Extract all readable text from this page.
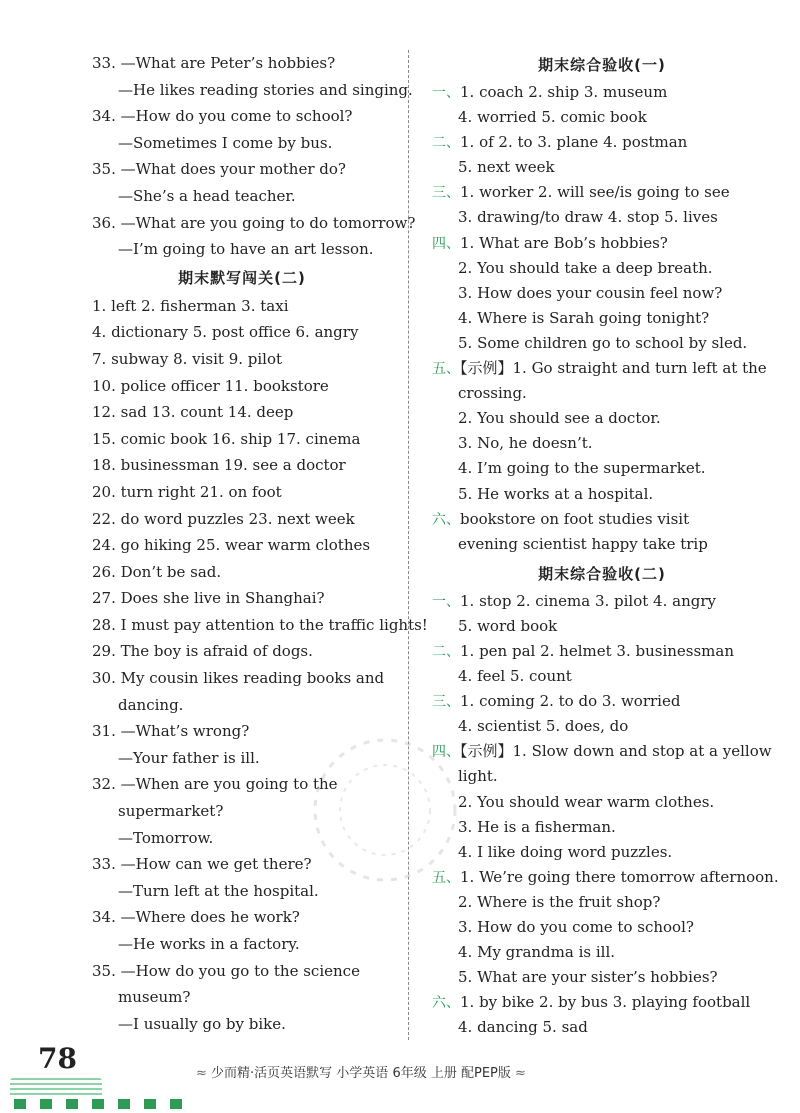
33. —What are Peter’s hobbies?
—He likes reading stories and singing.
34. —How do you come to school?
—Sometimes I come by bus.
35. —What does your mother do?
—She’s a head teacher.
36. —What are you going to do tomorrow?
—I’m going to have an art lesson.
期末默写闯关(二)
1. left 2. fisherman 3. taxi
4. dictionary 5. post office 6. angry
7. subway 8. visit 9. pilot
10. police officer 11. bookstore
12. sad 13. count 14. deep
15. comic book 16. ship 17. cinema
18. businessman 19. see a doctor
20. turn right 21. on foot
22. do word puzzles 23. next week
24. go hiking 25. wear warm clothes
26. Don’t be sad.
27. Does she live in Shanghai?
28. I must pay attention to the traffic lights!
29. The boy is afraid of dogs.
30. My cousin likes reading books and
dancing.
31. —What’s wrong?
—Your father is ill.
32. —When are you going to the
supermarket?
—Tomorrow.
33. —How can we get there?
—Turn left at the hospital.
34. —Where does he work?
—He works in a factory.
35. —How do you go to the science
museum?
—I usually go by bike.
期末综合验收(一)
一、1. coach 2. ship 3. museum
4. worried 5. comic book
二、1. of 2. to 3. plane 4. postman
5. next week
三、1. worker 2. will see/is going to see
3. drawing/to draw 4. stop 5. lives
四、1. What are Bob’s hobbies?
2. You should take a deep breath.
3. How does your cousin feel now?
4. Where is Sarah going tonight?
5. Some children go to school by sled.
五、【示例】1. Go straight and turn left at the
crossing.
2. You should see a doctor.
3. No, he doesn’t.
4. I’m going to the supermarket.
5. He works at a hospital.
六、bookstore on foot studies visit
evening scientist happy take trip
期末综合验收(二)
一、1. stop 2. cinema 3. pilot 4. angry
5. word book
二、1. pen pal 2. helmet 3. businessman
4. feel 5. count
三、1. coming 2. to do 3. worried
4. scientist 5. does, do
四、【示例】1. Slow down and stop at a yellow
light.
2. You should wear warm clothes.
3. He is a fisherman.
4. I like doing word puzzles.
五、1. We’re going there tomorrow afternoon.
2. Where is the fruit shop?
3. How do you come to school?
4. My grandma is ill.
5. What are your sister’s hobbies?
六、1. by bike 2. by bus 3. playing football
4. dancing 5. sad
78	≈ 少而精·活页英语默写 小学英语 6年级 上册 配PEP版 ≈
